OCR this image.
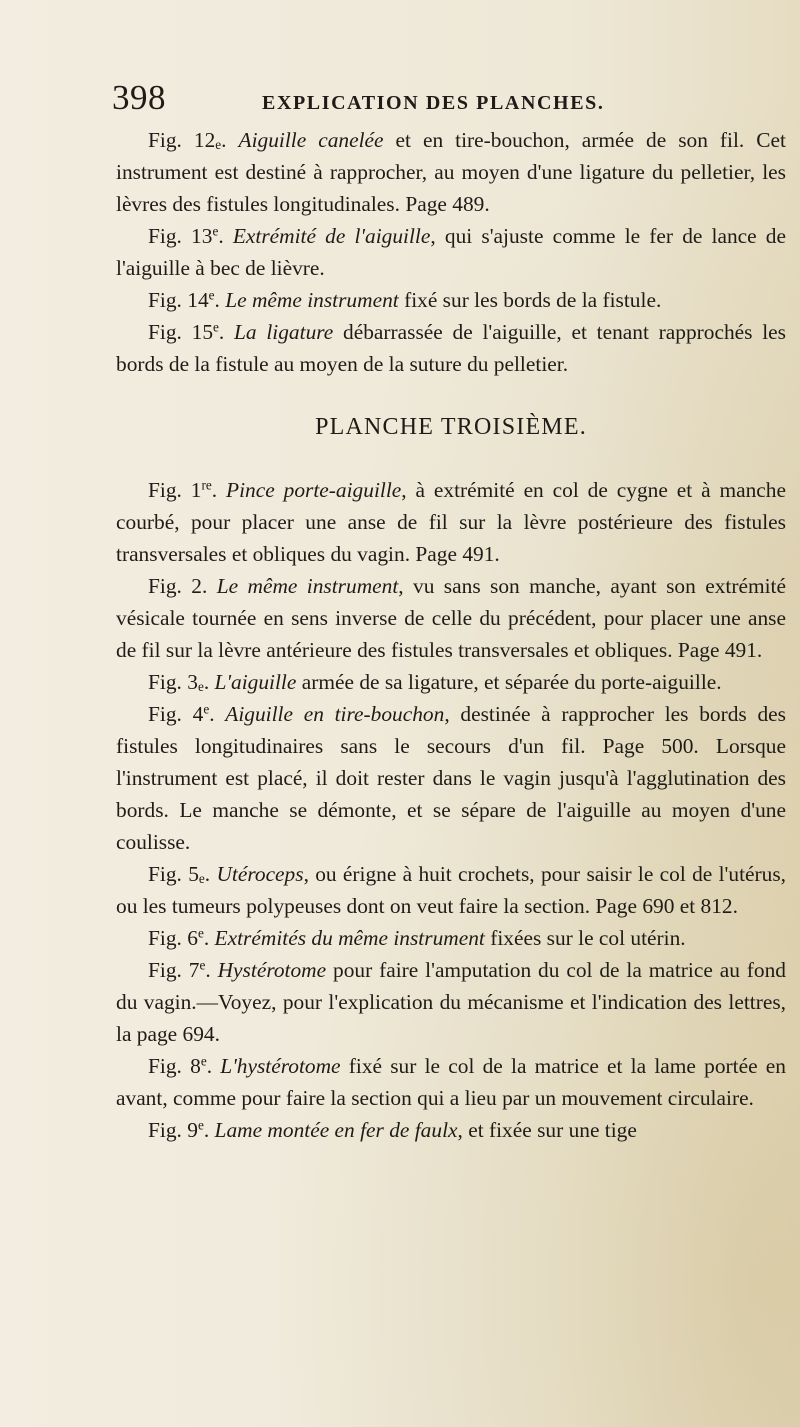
398	EXPLICATION DES PLANCHES.

Fig. $12_e$. Aiguille canelée et en tire-bouchon, armée de son fil. Cet instrument est destiné à rapprocher, au moyen d'une ligature du pelletier, les lèvres des fistules longitudinales. Page 489.

Fig. 13e. Extrémité de l'aiguille, qui s'ajuste comme le fer de lance de l'aiguille à bec de lièvre.

Fig. 14e. Le même instrument fixé sur les bords de la fistule.

Fig. 15e. La ligature débarrassée de l'aiguille, et tenant rapprochés les bords de la fistule au moyen de la suture du pelletier.

PLANCHE TROISIÈME.

Fig. 1re. Pince porte-aiguille, à extrémité en col de cygne et à manche courbé, pour placer une anse de fil sur la lèvre postérieure des fistules transversales et obliques du vagin. Page 491.

Fig. 2. Le même instrument, vu sans son manche, ayant son extrémité vésicale tournée en sens inverse de celle du précédent, pour placer une anse de fil sur la lèvre antérieure des fistules transversales et obliques. Page 491.

Fig. $3_e$. L'aiguille armée de sa ligature, et séparée du porte-aiguille.

Fig. 4e. Aiguille en tire-bouchon, destinée à rapprocher les bords des fistules longitudinaires sans le secours d'un fil. Page 500. Lorsque l'instrument est placé, il doit rester dans le vagin jusqu'à l'agglutination des bords. Le manche se démonte, et se sépare de l'aiguille au moyen d'une coulisse.

Fig. $5_e$. Utéroceps, ou érigne à huit crochets, pour saisir le col de l'utérus, ou les tumeurs polypeuses dont on veut faire la section. Page 690 et 812.

Fig. 6e. Extrémités du même instrument fixées sur le col utérin.

Fig. 7e. Hystérotome pour faire l'amputation du col de la matrice au fond du vagin.—Voyez, pour l'explication du mécanisme et l'indication des lettres, la page 694.

Fig. 8e. L'hystérotome fixé sur le col de la matrice et la lame portée en avant, comme pour faire la section qui a lieu par un mouvement circulaire.

Fig. 9e. Lame montée en fer de faulx, et fixée sur une tige
